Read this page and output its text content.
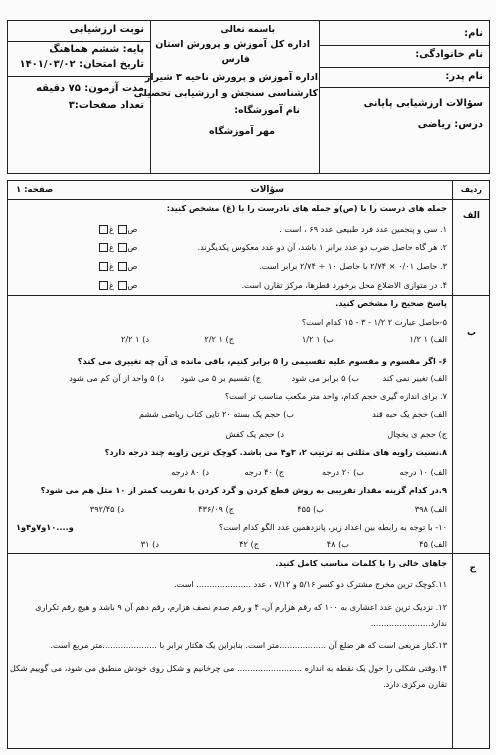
نام:
نام خانوادگی:
نام پدر:
سؤالات ارزشیابی پایانی
درس: ریاضی
باسمه تعالی
اداره کل آموزش و پرورش استان
فارس
اداره آموزش و پرورش ناحیه ۳ شیراز
کارشناسی سنجش و ارزشیابی تحصیلی
نام آموزشگاه:
مهر آموزشگاه
نوبت ارزشیابی
پایه: ششم هماهنگ
تاریخ امتحان: ۱۴۰۱/۰۳/۰۲
مدت آزمون: ۷۵ دقیقه
تعداد صفحات:۳
ردیف
سؤالات
صفحه: ۱
الف
جمله های درست را با (ص)و جمله های نادرست را با (غ) مشخص کنید:
۱. سی و پنجمین عدد فرد طبیعی عدد ۶۹ ، است .
۲. هر گاه حاصل ضرب دو عدد برابر ۱ باشد، آن دو عدد معکوس یکدیگرند.
۳. حاصل ۰/۰۱ × ۲/۷۴ با حاصل ۱۰ ÷ ۲/۷۴ برابر است.
۴. در متوازی الاضلاع محل برخورد قطرها، مرکز تقارن است.
ص غ
ص غ
ص غ
ص غ
ب
پاسخ صحیح را مشخص کنید.
۵-حاصل عبارت ۲ ۱/۲ - ۳ - ۱۵ کدام است؟
الف) ۱ ۱/۲
ب) ۱ ۱/۲
ج) ۱ ۲/۲
د) ۱ ۲/۲
۶- اگر مقسوم و مقسوم علیه تقسیمی را ۵ برابر کنیم، باقی مانده ی آن چه تغییری می کند؟
الف) تغییر نمی کند
ب) ۵ برابر می شود
ج) تقسیم بر ۵ می شود
د) ۵ واحد از آن کم می شود
۷. برای اندازه گیری حجم کدام، واحد متر مکعب مناسب تر است؟
الف) حجم یک حبه قند
ب) حجم یک بسته ۲۰ تایی کتاب ریاضی ششم
ج) حجم ی یخچال
د) حجم یک کفش
۸.نسبت زاویه های مثلثی به ترتیب ۲، ۳و۴ می باشد. کوچک ترین زاویه چند درجه دارد؟
الف) ۱۰ درجه
ب) ۲۰ درجه
ج) ۴۰ درجه
د) ۸۰ درجه
۹.در کدام گزینه مقدار تقریبی به روش قطع کردن و گرد کردن با تقریب کمتر از ۱۰ مثل هم می شود؟
الف) ۳۹۸
ب) ۴۵۵
ج) ۴۳۶/۰۹
د) ۳۹۲/۴۵
۱۰- با توجه به رابطه بین اعداد زیر، پانزدهمین عدد الگو کدام است؟
و....۱۰و۷و۴و۱
الف) ۴۵
ب) ۴۸
ج) ۴۲
د) ۳۱
ج
جاهای خالی را با کلمات مناسب کامل کنید.
۱۱.کوچک ترین مخرج مشترک دو کسر ۵/۱۶ و ۷/۱۲ ، عدد ..................... است.
۱۲. نزدیک ترین عدد اعشاری به ۱۰۰ که رقم هزارم آن، ۴ و رقم صدم نصف هزارم، رقم دهم آن ۹ باشد و هیچ رقم تکراری
ندارد.......................
۱۳.کنار مربعی است که هر ضلع آن ..................متر است. بنابراین یک هکتار برابر با .....................متر مربع است.
۱۴.وقتی شکلی را حول یک نقطه به اندازه ......................... می چرخانیم و شکل روی خودش منطبق می شود، می گوییم شکل
تقارن مرکزی دارد.
